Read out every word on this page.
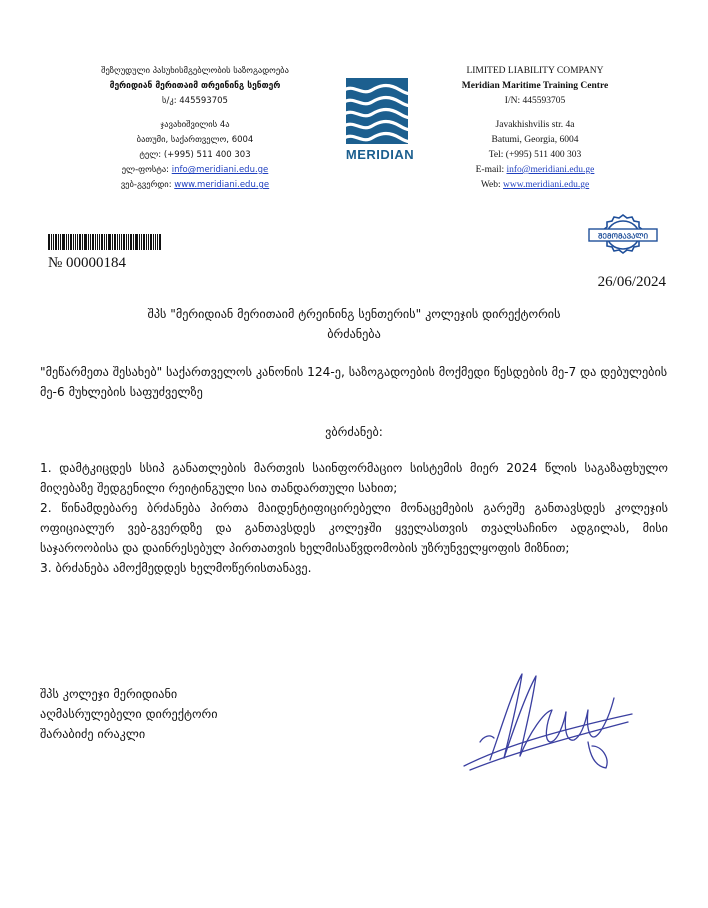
შეზღუდული პასუხისმგებლობის საზოგადოება
მერიდიან მერითაიმ თრეინინგ სენთერ
ს/კ: 445593705
ჯავახიშვილის 4ა
ბათუმი, საქართველო, 6004
ტელ: (+995) 511 400 303
ელ-ფოსტა: info@meridiani.edu.ge
ვებ-გვერდი: www.meridiani.edu.ge
MERIDIAN
LIMITED LIABILITY COMPANY
Meridian Maritime Training Centre
I/N: 445593705
Javakhishvilis str. 4a
Batumi, Georgia, 6004
Tel: (+995) 511 400 303
E-mail: info@meridiani.edu.ge
Web: www.meridiani.edu.ge
№ 00000184
26/06/2024
ᲨᲔᲛᲝᲛᲐᲕᲐᲚᲘ
შპს "მერიდიან მერითაიმ ტრეინინგ სენთერის" კოლეჯის დირექტორის
ბრძანება
"მეწარმეთა შესახებ" საქართველოს კანონის 124-ე, საზოგადოების მოქმედი წესდების მე-7 და დებულების მე-6 მუხლების საფუძველზე
ვბრძანებ:
1. დამტკიცდეს სსიპ განათლების მართვის საინფორმაციო სისტემის მიერ 2024 წლის საგაზაფხულო მიღებაზე შედგენილი რეიტინგული სია თანდართული სახით;
2. წინამდებარე ბრძანება პირთა მაიდენტიფიცირებელი მონაცემების გარეშე განთავსდეს კოლეჯის ოფიციალურ ვებ-გვერდზე და განთავსდეს კოლეჯში ყველასთვის თვალსაჩინო ადგილას, მისი საჯაროობისა და დაინრესებულ პირთათვის ხელმისაწვდომობის უზრუნველყოფის მიზნით;
3. ბრძანება ამოქმედდეს ხელმოწერისთანავე.
შპს კოლეჯი მერიდიანი
აღმასრულებელი დირექტორი
შარაბიძე ირაკლი
